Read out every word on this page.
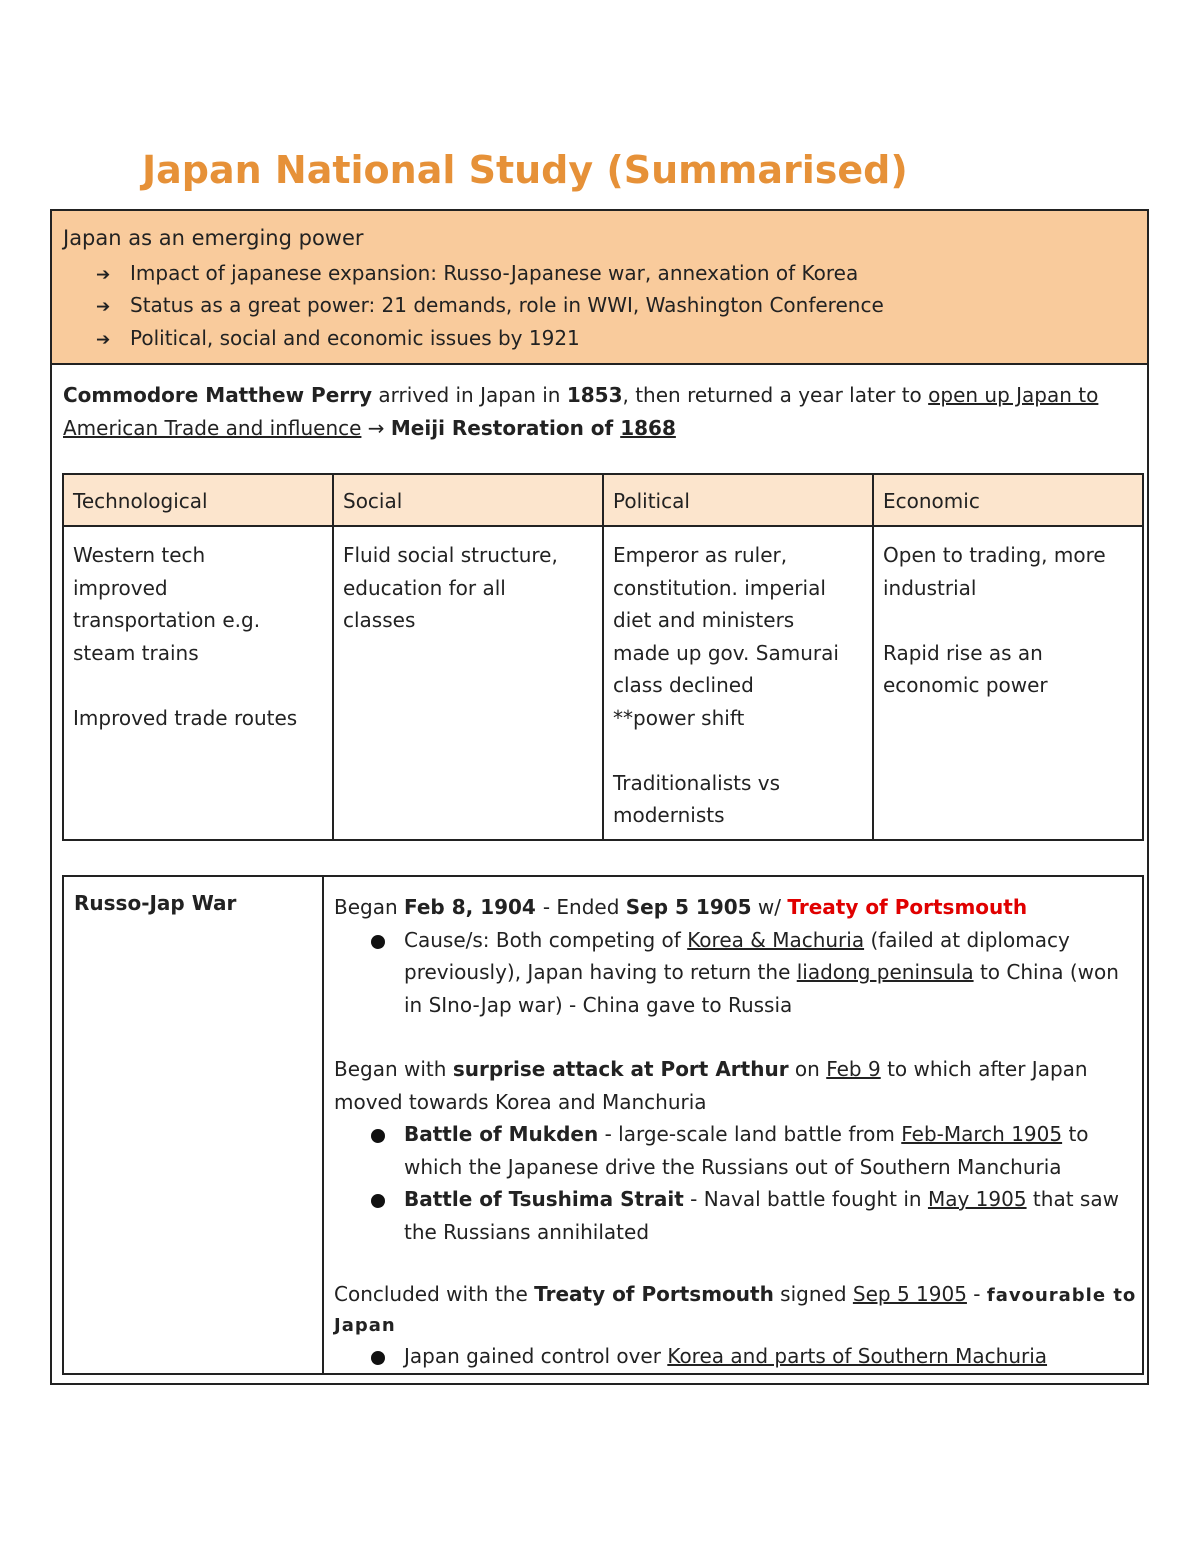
Japan National Study (Summarised)
Japan as an emerging power
➔ Impact of japanese expansion: Russo-Japanese war, annexation of Korea
➔ Status as a great power: 21 demands, role in WWI, Washington Conference
➔ Political, social and economic issues by 1921
Commodore Matthew Perry arrived in Japan in 1853, then returned a year later to open up Japan to American Trade and influence → Meiji Restoration of 1868
Technological
Western tech
improved
transportation e.g.
steam trains

Improved trade routes
Social
Fluid social structure,
education for all
classes
Political
Emperor as ruler,
constitution. imperial
diet and ministers
made up gov. Samurai
class declined
**power shift

Traditionalists vs
modernists
Economic
Open to trading, more
industrial

Rapid rise as an
economic power
Russo-Jap War	Began Feb 8, 1904 - Ended Sep 5 1905 w/ Treaty of Portsmouth
Cause/s: Both competing of Korea & Machuria (failed at diplomacy previously), Japan having to return the liadong peninsula to China (won in SIno-Jap war) - China gave to Russia
Began with surprise attack at Port Arthur on Feb 9 to which after Japan moved towards Korea and Manchuria
Battle of Mukden - large-scale land battle from Feb-March 1905 to which the Japanese drive the Russians out of Southern Manchuria
Battle of Tsushima Strait - Naval battle fought in May 1905 that saw the Russians annihilated
Concluded with the Treaty of Portsmouth signed Sep 5 1905 - favourable to Japan
Japan gained control over Korea and parts of Southern Machuria
